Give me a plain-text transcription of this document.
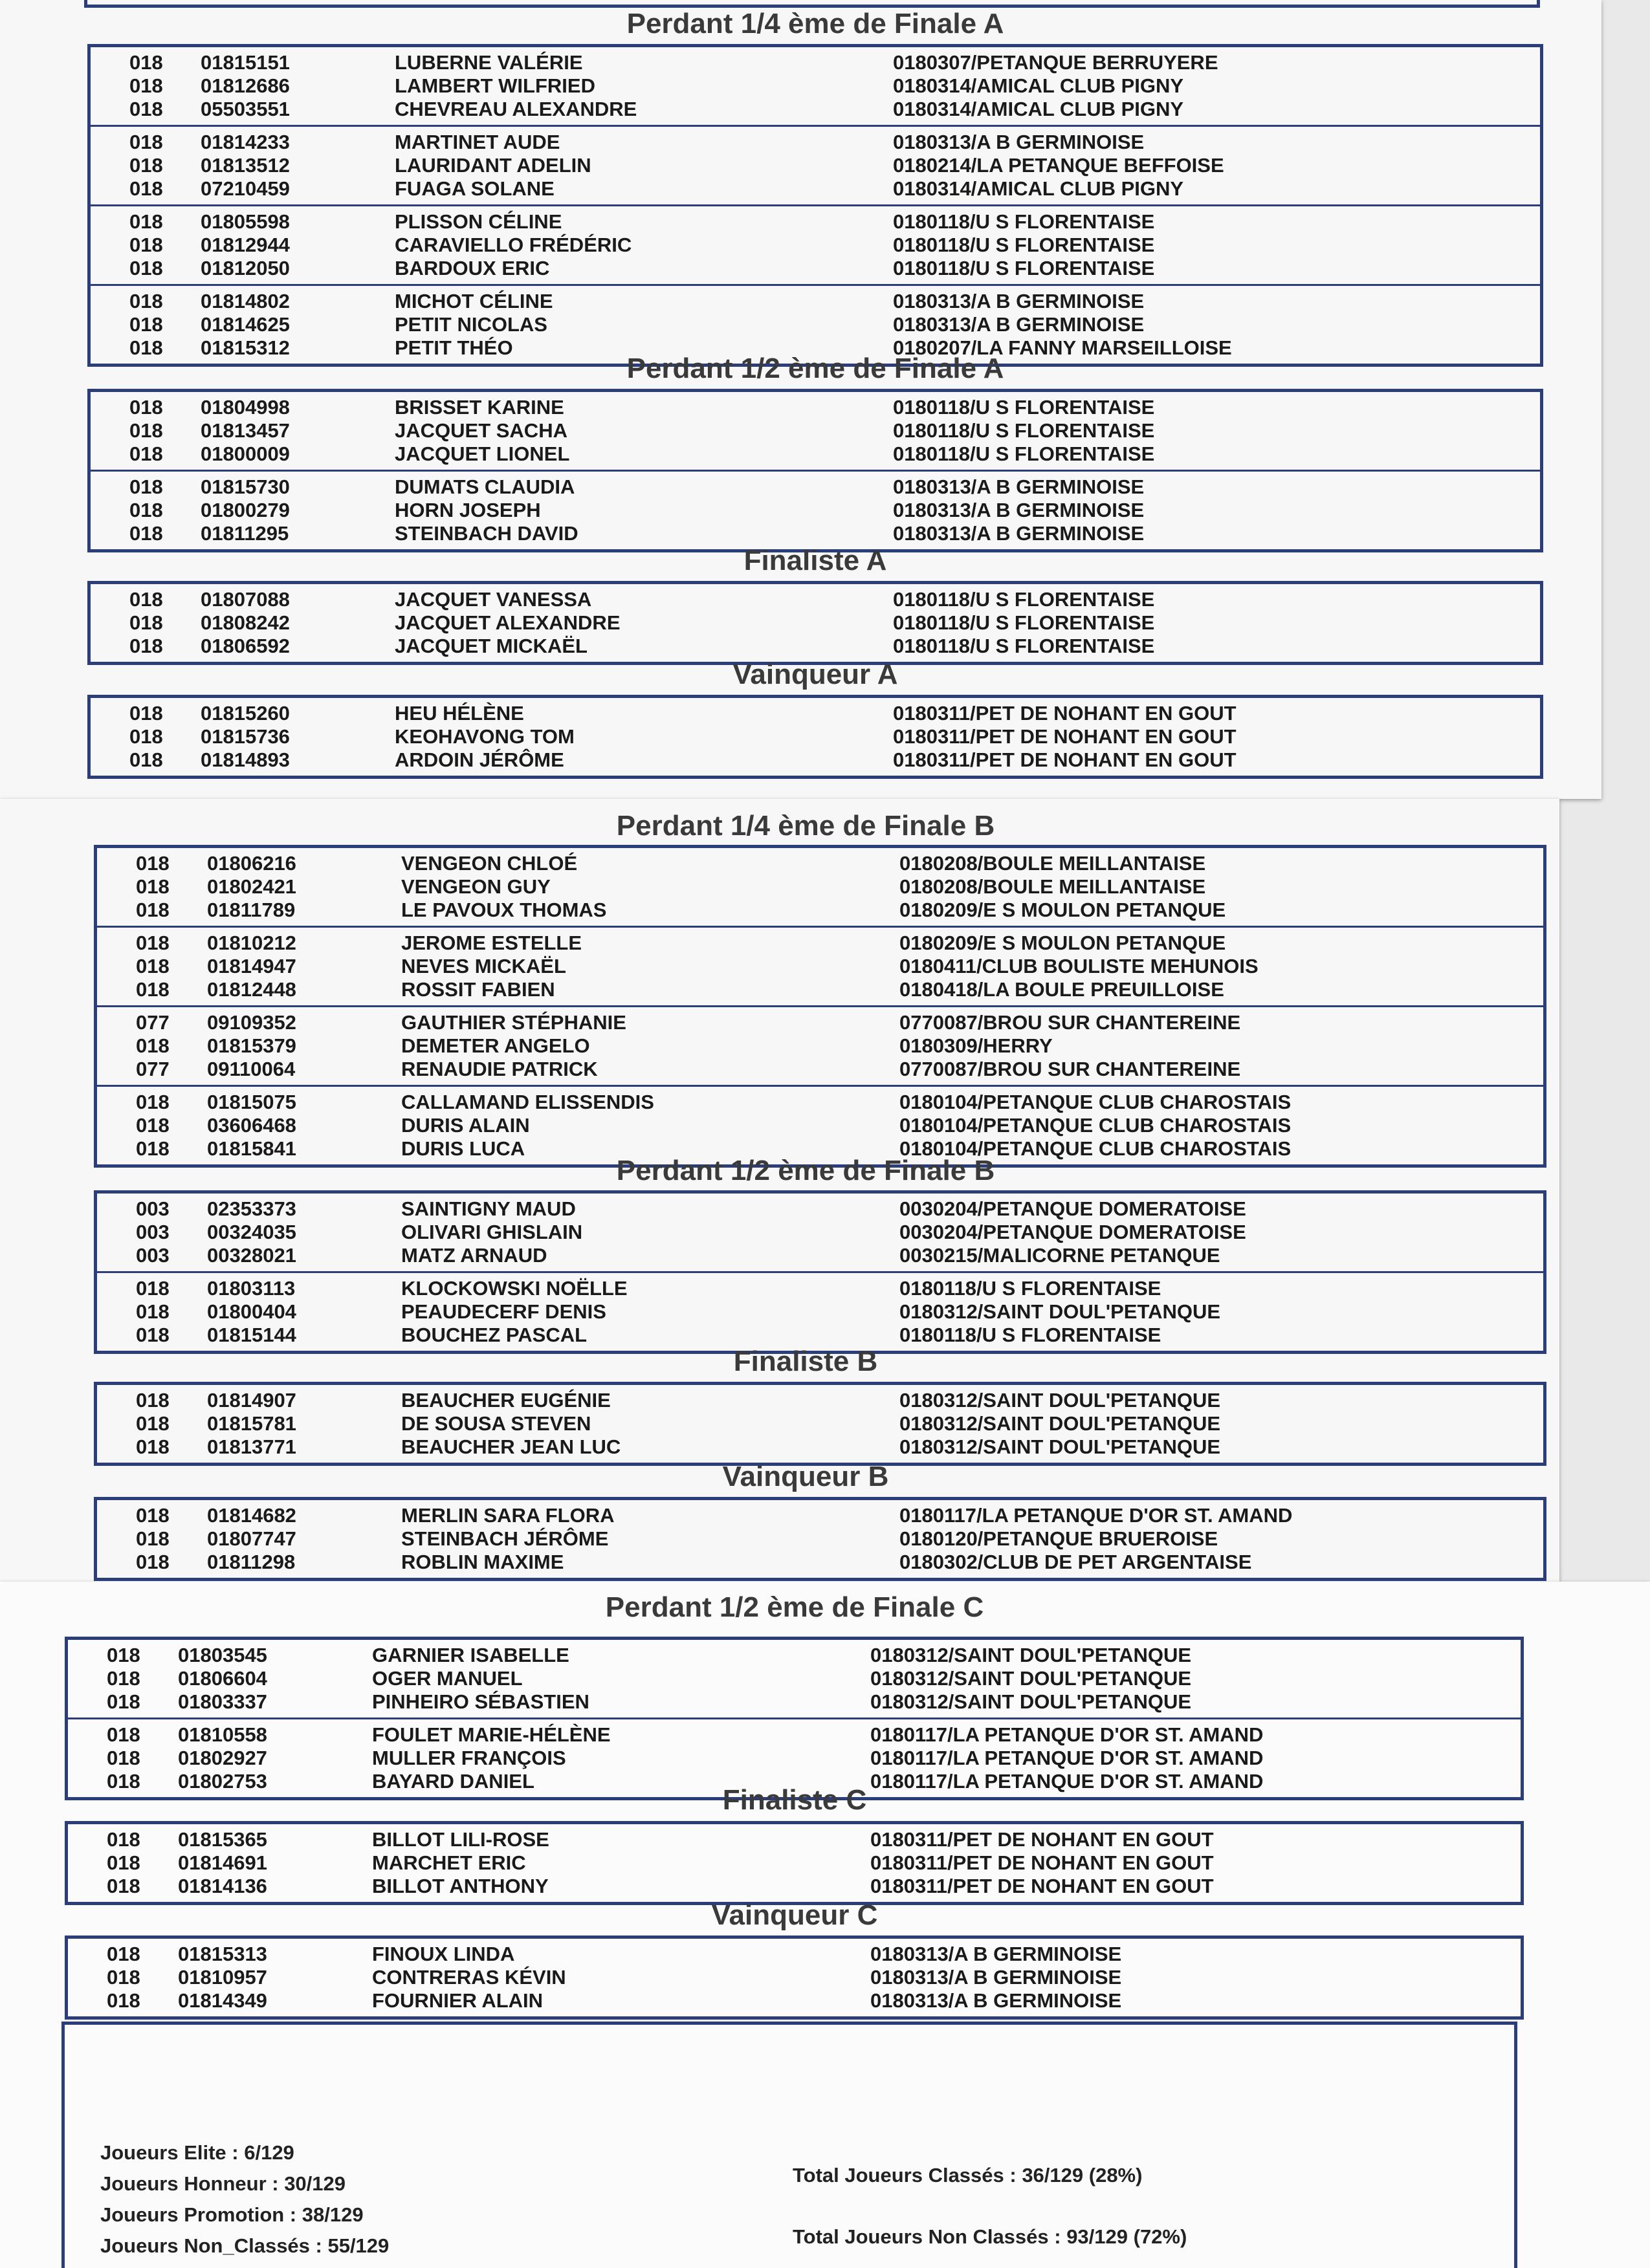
Perdant 1/4 ème de Finale A
018	01815151	LUBERNE VALÉRIE	0180307/PETANQUE BERRUYERE
018	01812686	LAMBERT WILFRIED	0180314/AMICAL CLUB PIGNY
018	05503551	CHEVREAU ALEXANDRE	0180314/AMICAL CLUB PIGNY
018	01814233	MARTINET AUDE	0180313/A B GERMINOISE
018	01813512	LAURIDANT ADELIN	0180214/LA PETANQUE BEFFOISE
018	07210459	FUAGA SOLANE	0180314/AMICAL CLUB PIGNY
018	01805598	PLISSON CÉLINE	0180118/U S FLORENTAISE
018	01812944	CARAVIELLO FRÉDÉRIC	0180118/U S FLORENTAISE
018	01812050	BARDOUX ERIC	0180118/U S FLORENTAISE
018	01814802	MICHOT CÉLINE	0180313/A B GERMINOISE
018	01814625	PETIT NICOLAS	0180313/A B GERMINOISE
018	01815312	PETIT THÉO	0180207/LA FANNY MARSEILLOISE
Perdant 1/2 ème de Finale A
018	01804998	BRISSET KARINE	0180118/U S FLORENTAISE
018	01813457	JACQUET SACHA	0180118/U S FLORENTAISE
018	01800009	JACQUET LIONEL	0180118/U S FLORENTAISE
018	01815730	DUMATS CLAUDIA	0180313/A B GERMINOISE
018	01800279	HORN JOSEPH	0180313/A B GERMINOISE
018	01811295	STEINBACH DAVID	0180313/A B GERMINOISE
Finaliste A
018	01807088	JACQUET VANESSA	0180118/U S FLORENTAISE
018	01808242	JACQUET ALEXANDRE	0180118/U S FLORENTAISE
018	01806592	JACQUET MICKAËL	0180118/U S FLORENTAISE
Vainqueur A
018	01815260	HEU HÉLÈNE	0180311/PET DE NOHANT EN GOUT
018	01815736	KEOHAVONG TOM	0180311/PET DE NOHANT EN GOUT
018	01814893	ARDOIN JÉRÔME	0180311/PET DE NOHANT EN GOUT
Perdant 1/4 ème de Finale B
018	01806216	VENGEON CHLOÉ	0180208/BOULE MEILLANTAISE
018	01802421	VENGEON GUY	0180208/BOULE MEILLANTAISE
018	01811789	LE PAVOUX THOMAS	0180209/E S MOULON PETANQUE
018	01810212	JEROME ESTELLE	0180209/E S MOULON PETANQUE
018	01814947	NEVES MICKAËL	0180411/CLUB BOULISTE MEHUNOIS
018	01812448	ROSSIT FABIEN	0180418/LA BOULE PREUILLOISE
077	09109352	GAUTHIER STÉPHANIE	0770087/BROU SUR CHANTEREINE
018	01815379	DEMETER ANGELO	0180309/HERRY
077	09110064	RENAUDIE PATRICK	0770087/BROU SUR CHANTEREINE
018	01815075	CALLAMAND ELISSENDIS	0180104/PETANQUE CLUB CHAROSTAIS
018	03606468	DURIS ALAIN	0180104/PETANQUE CLUB CHAROSTAIS
018	01815841	DURIS LUCA	0180104/PETANQUE CLUB CHAROSTAIS
Perdant 1/2 ème de Finale B
003	02353373	SAINTIGNY MAUD	0030204/PETANQUE DOMERATOISE
003	00324035	OLIVARI GHISLAIN	0030204/PETANQUE DOMERATOISE
003	00328021	MATZ ARNAUD	0030215/MALICORNE PETANQUE
018	01803113	KLOCKOWSKI NOËLLE	0180118/U S FLORENTAISE
018	01800404	PEAUDECERF DENIS	0180312/SAINT DOUL'PETANQUE
018	01815144	BOUCHEZ PASCAL	0180118/U S FLORENTAISE
Finaliste B
018	01814907	BEAUCHER EUGÉNIE	0180312/SAINT DOUL'PETANQUE
018	01815781	DE SOUSA STEVEN	0180312/SAINT DOUL'PETANQUE
018	01813771	BEAUCHER JEAN LUC	0180312/SAINT DOUL'PETANQUE
Vainqueur B
018	01814682	MERLIN SARA FLORA	0180117/LA PETANQUE D'OR ST. AMAND
018	01807747	STEINBACH JÉRÔME	0180120/PETANQUE BRUEROISE
018	01811298	ROBLIN MAXIME	0180302/CLUB DE PET ARGENTAISE
Perdant 1/2 ème de Finale C
018	01803545	GARNIER ISABELLE	0180312/SAINT DOUL'PETANQUE
018	01806604	OGER MANUEL	0180312/SAINT DOUL'PETANQUE
018	01803337	PINHEIRO SÉBASTIEN	0180312/SAINT DOUL'PETANQUE
018	01810558	FOULET MARIE-HÉLÈNE	0180117/LA PETANQUE D'OR ST. AMAND
018	01802927	MULLER FRANÇOIS	0180117/LA PETANQUE D'OR ST. AMAND
018	01802753	BAYARD DANIEL	0180117/LA PETANQUE D'OR ST. AMAND
Finaliste C
018	01815365	BILLOT LILI-ROSE	0180311/PET DE NOHANT EN GOUT
018	01814691	MARCHET ERIC	0180311/PET DE NOHANT EN GOUT
018	01814136	BILLOT ANTHONY	0180311/PET DE NOHANT EN GOUT
Vainqueur C
018	01815313	FINOUX LINDA	0180313/A B GERMINOISE
018	01810957	CONTRERAS KÉVIN	0180313/A B GERMINOISE
018	01814349	FOURNIER ALAIN	0180313/A B GERMINOISE
Joueurs Elite : 6/129
Joueurs Honneur : 30/129
Joueurs Promotion : 38/129
Joueurs Non_Classés : 55/129
Total Joueurs Classés : 36/129 (28%)
Total Joueurs Non Classés : 93/129 (72%)
